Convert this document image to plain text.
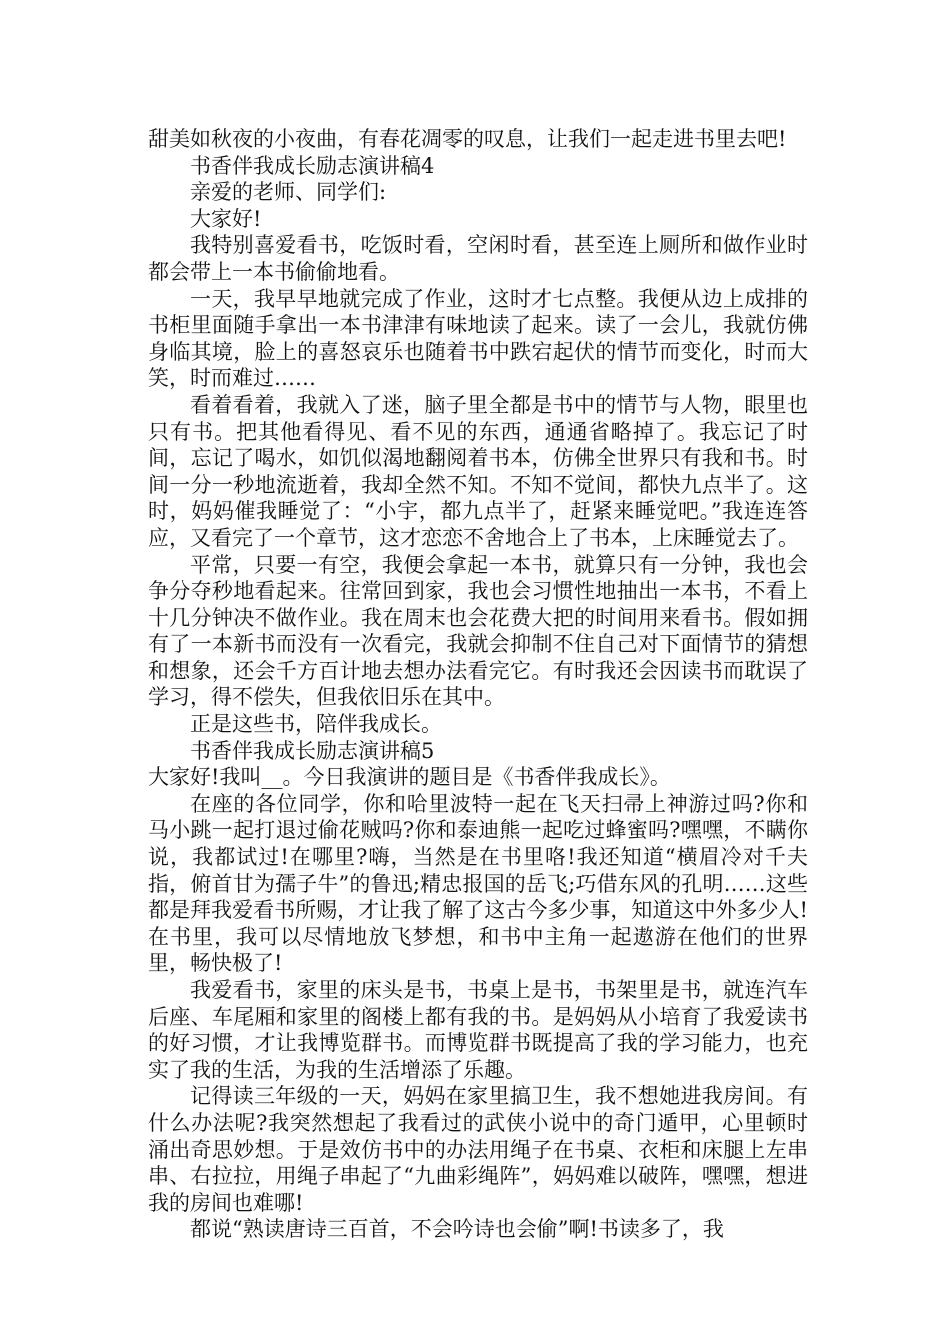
甜美如秋夜的小夜曲，有春花凋零的叹息，让我们一起走进书里去吧!

书香伴我成长励志演讲稿4

亲爱的老师、同学们:

大家好!

我特别喜爱看书，吃饭时看，空闲时看，甚至连上厕所和做作业时都会带上一本书偷偷地看。

一天，我早早地就完成了作业，这时才七点整。我便从边上成排的书柜里面随手拿出一本书津津有味地读了起来。读了一会儿，我就仿佛身临其境，脸上的喜怒哀乐也随着书中跌宕起伏的情节而变化，时而大笑，时而难过……

看着看着，我就入了迷，脑子里全都是书中的情节与人物，眼里也只有书。把其他看得见、看不见的东西，通通省略掉了。我忘记了时间，忘记了喝水，如饥似渴地翻阅着书本，仿佛全世界只有我和书。时间一分一秒地流逝着，我却全然不知。不知不觉间，都快九点半了。这时，妈妈催我睡觉了：“小宇，都九点半了，赶紧来睡觉吧。”我连连答应，又看完了一个章节，这才恋恋不舍地合上了书本，上床睡觉去了。

平常，只要一有空，我便会拿起一本书，就算只有一分钟，我也会争分夺秒地看起来。往常回到家，我也会习惯性地抽出一本书，不看上十几分钟决不做作业。我在周末也会花费大把的时间用来看书。假如拥有了一本新书而没有一次看完，我就会抑制不住自己对下面情节的猜想和想象，还会千方百计地去想办法看完它。有时我还会因读书而耽误了学习，得不偿失，但我依旧乐在其中。

正是这些书，陪伴我成长。

书香伴我成长励志演讲稿5

大家好!我叫__。今日我演讲的题目是《书香伴我成长》。

在座的各位同学，你和哈里波特一起在飞天扫帚上神游过吗?你和马小跳一起打退过偷花贼吗?你和泰迪熊一起吃过蜂蜜吗?嘿嘿，不瞒你说，我都试过!在哪里?嗨，当然是在书里咯!我还知道“横眉冷对千夫指，俯首甘为孺子牛”的鲁迅;精忠报国的岳飞;巧借东风的孔明……这些都是拜我爱看书所赐，才让我了解了这古今多少事，知道这中外多少人!在书里，我可以尽情地放飞梦想，和书中主角一起遨游在他们的世界里，畅快极了!

我爱看书，家里的床头是书，书桌上是书，书架里是书，就连汽车后座、车尾厢和家里的阁楼上都有我的书。是妈妈从小培育了我爱读书的好习惯，才让我博览群书。而博览群书既提高了我的学习能力，也充实了我的生活，为我的生活增添了乐趣。

记得读三年级的一天，妈妈在家里搞卫生，我不想她进我房间。有什么办法呢?我突然想起了我看过的武侠小说中的奇门遁甲，心里顿时涌出奇思妙想。于是效仿书中的办法用绳子在书桌、衣柜和床腿上左串串、右拉拉，用绳子串起了“九曲彩绳阵”，妈妈难以破阵，嘿嘿，想进我的房间也难哪!

都说“熟读唐诗三百首，不会吟诗也会偷”啊!书读多了，我
